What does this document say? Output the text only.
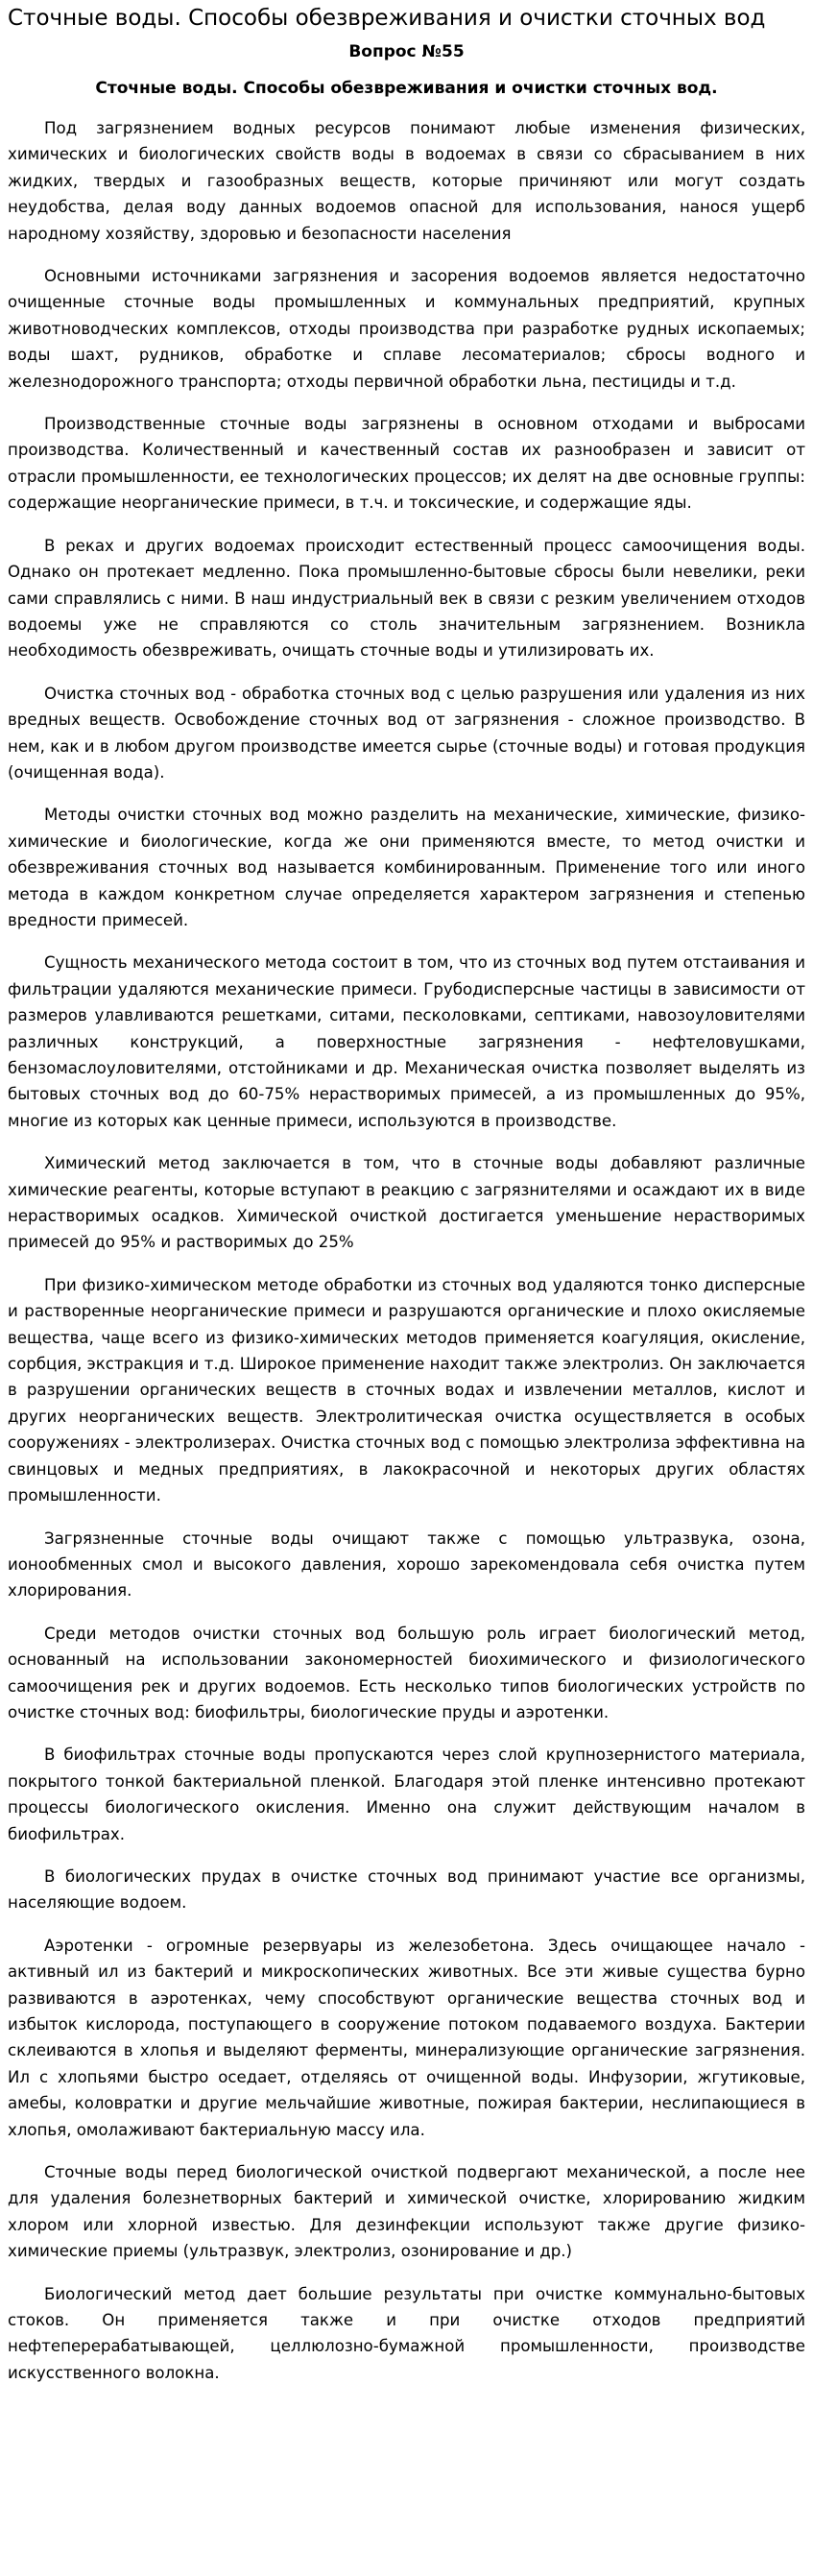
Сточные воды. Способы обезвреживания и очистки сточных вод
Вопрос №55
Сточные воды. Способы обезвреживания и очистки сточных вод.

Под загрязнением водных ресурсов понимают любые изменения физических, химических и биологических свойств воды в водоемах в связи со сбрасыванием в них жидких, твердых и газообразных веществ, которые причиняют или могут создать неудобства, делая воду данных водоемов опасной для использования, нанося ущерб народному хозяйству, здоровью и безопасности населения

Основными источниками загрязнения и засорения водоемов является недостаточно очищенные сточные воды промышленных и коммунальных предприятий, крупных животноводческих комплексов, отходы производства при разработке рудных ископаемых; воды шахт, рудников, обработке и сплаве лесоматериалов; сбросы водного и железнодорожного транспорта; отходы первичной обработки льна, пестициды и т.д.

Производственные сточные воды загрязнены в основном отходами и выбросами производства. Количественный и качественный состав их разнообразен и зависит от отрасли промышленности, ее технологических процессов; их делят на две основные группы: содержащие неорганические примеси, в т.ч. и токсические, и содержащие яды.

В реках и других водоемах происходит естественный процесс самоочищения воды. Однако он протекает медленно. Пока промышленно-бытовые сбросы были невелики, реки сами справлялись с ними. В наш индустриальный век в связи с резким увеличением отходов водоемы уже не справляются со столь значительным загрязнением. Возникла необходимость обезвреживать, очищать сточные воды и утилизировать их.

Очистка сточных вод - обработка сточных вод с целью разрушения или удаления из них вредных веществ. Освобождение сточных вод от загрязнения - сложное производство. В нем, как и в любом другом производстве имеется сырье (сточные воды) и готовая продукция (очищенная вода).

Методы очистки сточных вод можно разделить на механические, химические, физико-химические и биологические, когда же они применяются вместе, то метод очистки и обезвреживания сточных вод называется комбинированным. Применение того или иного метода в каждом конкретном случае определяется характером загрязнения и степенью вредности примесей.

Сущность механического метода состоит в том, что из сточных вод путем отстаивания и фильтрации удаляются механические примеси. Грубодисперсные частицы в зависимости от размеров улавливаются решетками, ситами, песколовками, септиками, навозоуловителями различных конструкций, а поверхностные загрязнения - нефтеловушками, бензомаслоуловителями, отстойниками и др. Механическая очистка позволяет выделять из бытовых сточных вод до 60-75% нерастворимых примесей, а из промышленных до 95%, многие из которых как ценные примеси, используются в производстве.

Химический метод заключается в том, что в сточные воды добавляют различные химические реагенты, которые вступают в реакцию с загрязнителями и осаждают их в виде нерастворимых осадков. Химической очисткой достигается уменьшение нерастворимых примесей до 95% и растворимых до 25%

При физико-химическом методе обработки из сточных вод удаляются тонко дисперсные и растворенные неорганические примеси и разрушаются органические и плохо окисляемые вещества, чаще всего из физико-химических методов применяется коагуляция, окисление, сорбция, экстракция и т.д. Широкое применение находит также электролиз. Он заключается в разрушении органических веществ в сточных водах и извлечении металлов, кислот и других неорганических веществ. Электролитическая очистка осуществляется в особых сооружениях - электролизерах. Очистка сточных вод с помощью электролиза эффективна на свинцовых и медных предприятиях, в лакокрасочной и некоторых других областях промышленности.

Загрязненные сточные воды очищают также с помощью ультразвука, озона, ионообменных смол и высокого давления, хорошо зарекомендовала себя очистка путем хлорирования.

Среди методов очистки сточных вод большую роль играет биологический метод, основанный на использовании закономерностей биохимического и физиологического самоочищения рек и других водоемов. Есть несколько типов биологических устройств по очистке сточных вод: биофильтры, биологические пруды и аэротенки.

В биофильтрах сточные воды пропускаются через слой крупнозернистого материала, покрытого тонкой бактериальной пленкой. Благодаря этой пленке интенсивно протекают процессы биологического окисления. Именно она служит действующим началом в биофильтрах.

В биологических прудах в очистке сточных вод принимают участие все организмы, населяющие водоем.

Аэротенки - огромные резервуары из железобетона. Здесь очищающее начало - активный ил из бактерий и микроскопических животных. Все эти живые существа бурно развиваются в аэротенках, чему способствуют органические вещества сточных вод и избыток кислорода, поступающего в сооружение потоком подаваемого воздуха. Бактерии склеиваются в хлопья и выделяют ферменты, минерализующие органические загрязнения. Ил с хлопьями быстро оседает, отделяясь от очищенной воды. Инфузории, жгутиковые, амебы, коловратки и другие мельчайшие животные, пожирая бактерии, неслипающиеся в хлопья, омолаживают бактериальную массу ила.

Сточные воды перед биологической очисткой подвергают механической, а после нее для удаления болезнетворных бактерий и химической очистке, хлорированию жидким хлором или хлорной известью. Для дезинфекции используют также другие физико-химические приемы (ультразвук, электролиз, озонирование и др.)

Биологический метод дает большие результаты при очистке коммунально-бытовых стоков. Он применяется также и при очистке отходов предприятий нефтеперерабатывающей, целлюлозно-бумажной промышленности, производстве искусственного волокна.
